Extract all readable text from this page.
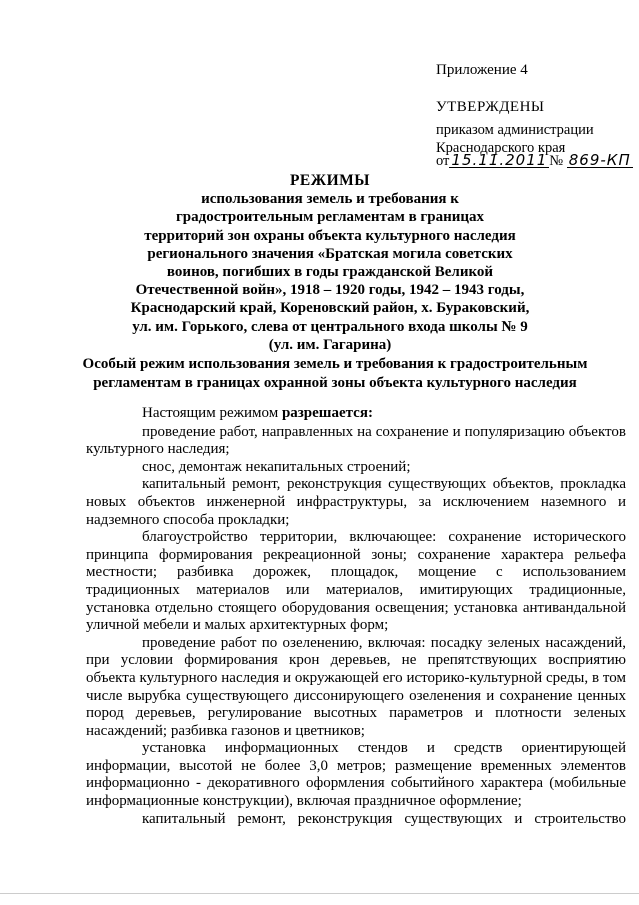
Приложение 4
УТВЕРЖДЕНЫ
приказом администрации
Краснодарского края
от 15.11.2011 № 869-КП
РЕЖИМЫ
использования земель и требования к
градостроительным регламентам в границах
территорий зон охраны объекта культурного наследия
регионального значения «Братская могила советских
воинов, погибших в годы гражданской Великой
Отечественной войн», 1918 – 1920 годы, 1942 – 1943 годы,
Краснодарский край, Кореновский район, х. Бураковский,
ул. им. Горького, слева от центрального входа школы № 9
(ул. им. Гагарина)
Особый режим использования земель и требования к градостроительным
регламентам в границах охранной зоны объекта культурного наследия

Настоящим режимом разрешается:

проведение работ, направленных на сохранение и популяризацию объектов культурного наследия;

снос, демонтаж некапитальных строений;

капитальный ремонт, реконструкция существующих объектов, прокладка новых объектов инженерной инфраструктуры, за исключением наземного и надземного способа прокладки;

благоустройство территории, включающее: сохранение исторического принципа формирования рекреационной зоны; сохранение характера рельефа местности; разбивка дорожек, площадок, мощение с использованием традиционных материалов или материалов, имитирующих традиционные, установка отдельно стоящего оборудования освещения; установка антивандальной уличной мебели и малых архитектурных форм;

проведение работ по озеленению, включая: посадку зеленых насаждений, при условии формирования крон деревьев, не препятствующих восприятию объекта культурного наследия и окружающей его историко-культурной среды, в том числе вырубка существующего диссонирующего озеленения и сохранение ценных пород деревьев, регулирование высотных параметров и плотности зеленых насаждений; разбивка газонов и цветников;

установка информационных стендов и средств ориентирующей информации, высотой не более 3,0 метров; размещение временных элементов информационно - декоративного оформления событийного характера (мобильные информационные конструкции), включая праздничное оформление;

капитальный ремонт, реконструкция существующих и строительство
